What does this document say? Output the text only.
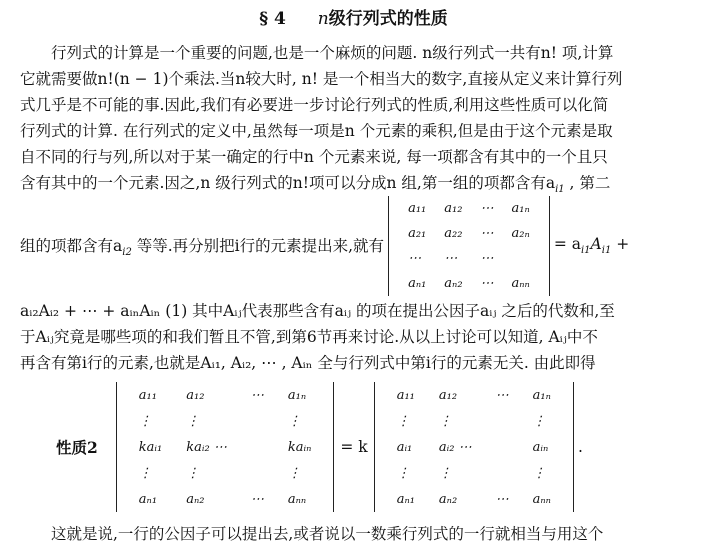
§ 4 n级行列式的性质

行列式的计算是一个重要的问题,也是一个麻烦的问题. n级行列式一共有n! 项,计算

它就需要做n!(n − 1)个乘法.当n较大时, n! 是一个相当大的数字,直接从定义来计算行列

式几乎是不可能的事.因此,我们有必要进一步讨论行列式的性质,利用这些性质可以化简

行列式的计算. 在行列式的定义中,虽然每一项是n 个元素的乘积,但是由于这个元素是取

自不同的行与列,所以对于某一确定的行中n 个元素来说, 每一项都含有其中的一个且只

含有其中的一个元素.因之,n 级行列式的n!项可以分成n 组,第一组的项都含有$a_{i1}$ , 第二

组的项都含有$a_{i2}$ 等等.再分别把i行的元素提出来,就有
a₁₁	a₁₂	⋯	a₁ₙ
a₂₁	a₂₂	⋯	a₂ₙ
⋯	⋯	⋯	
aₙ₁	aₙ₂	⋯	aₙₙ
= $a_{i1}A_{i1}$ +

aᵢ₂Aᵢ₂ + ⋯ + aᵢₙAᵢₙ (1) 其中Aᵢⱼ代表那些含有aᵢⱼ 的项在提出公因子aᵢⱼ 之后的代数和,至

于Aᵢⱼ究竟是哪些项的和我们暂且不管,到第6节再来讨论.从以上讨论可以知道, Aᵢⱼ中不

再含有第i行的元素,也就是Aᵢ₁, Aᵢ₂, ⋯ , Aᵢₙ 全与行列式中第i行的元素无关. 由此即得

性质2
a₁₁	a₁₂	⋯	a₁ₙ
⋮	⋮		⋮
kaᵢ₁	kaᵢ₂ ⋯		kaᵢₙ
⋮	⋮		⋮
aₙ₁	aₙ₂	⋯	aₙₙ
= k
a₁₁	a₁₂	⋯	a₁ₙ
⋮	⋮		⋮
aᵢ₁	aᵢ₂ ⋯		aᵢₙ
⋮	⋮		⋮
aₙ₁	aₙ₂	⋯	aₙₙ
.

这就是说,一行的公因子可以提出去,或者说以一数乘行列式的一行就相当与用这个
